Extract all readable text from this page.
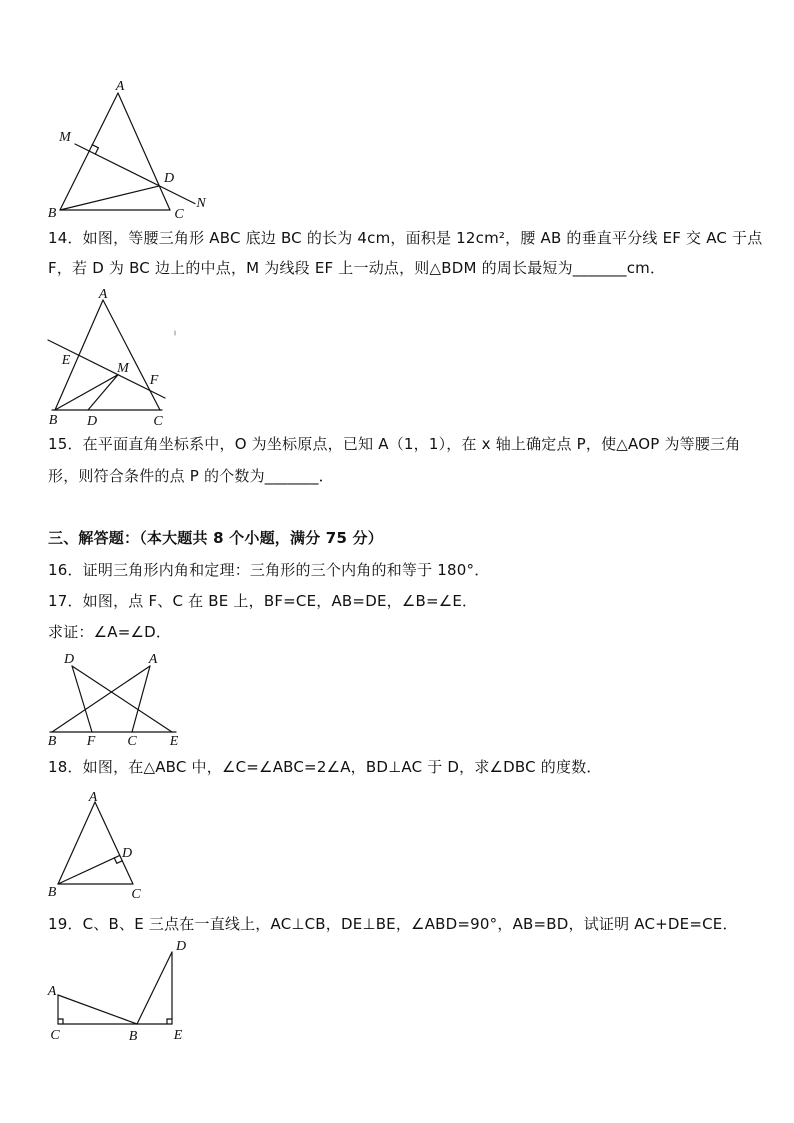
14．如图，等腰三角形 ABC 底边 BC 的长为 4cm，面积是 12cm²，腰 AB 的垂直平分线 EF 交 AC 于点
F，若 D 为 BC 边上的中点，M 为线段 EF 上一动点，则△BDM 的周长最短为_______cm．
15．在平面直角坐标系中，O 为坐标原点，已知 A（1，1），在 x 轴上确定点 P，使△AOP 为等腰三角
形，则符合条件的点 P 的个数为_______．
三、解答题：（本大题共 8 个小题，满分 75 分）
16．证明三角形内角和定理：三角形的三个内角的和等于 180°．
17．如图，点 F、C 在 BE 上，BF=CE，AB=DE，∠B=∠E．
求证：∠A=∠D．
18．如图，在△ABC 中，∠C=∠ABC=2∠A，BD⊥AC 于 D，求∠DBC 的度数．
19．C、B、E 三点在一直线上，AC⊥CB，DE⊥BE，∠ABD=90°，AB=BD，试证明 AC+DE=CE．
A
M
D
N
B	C
A
E
M
F
B D	C
D	A
B F C E
A
D
B	C
D
A
C	B	E
